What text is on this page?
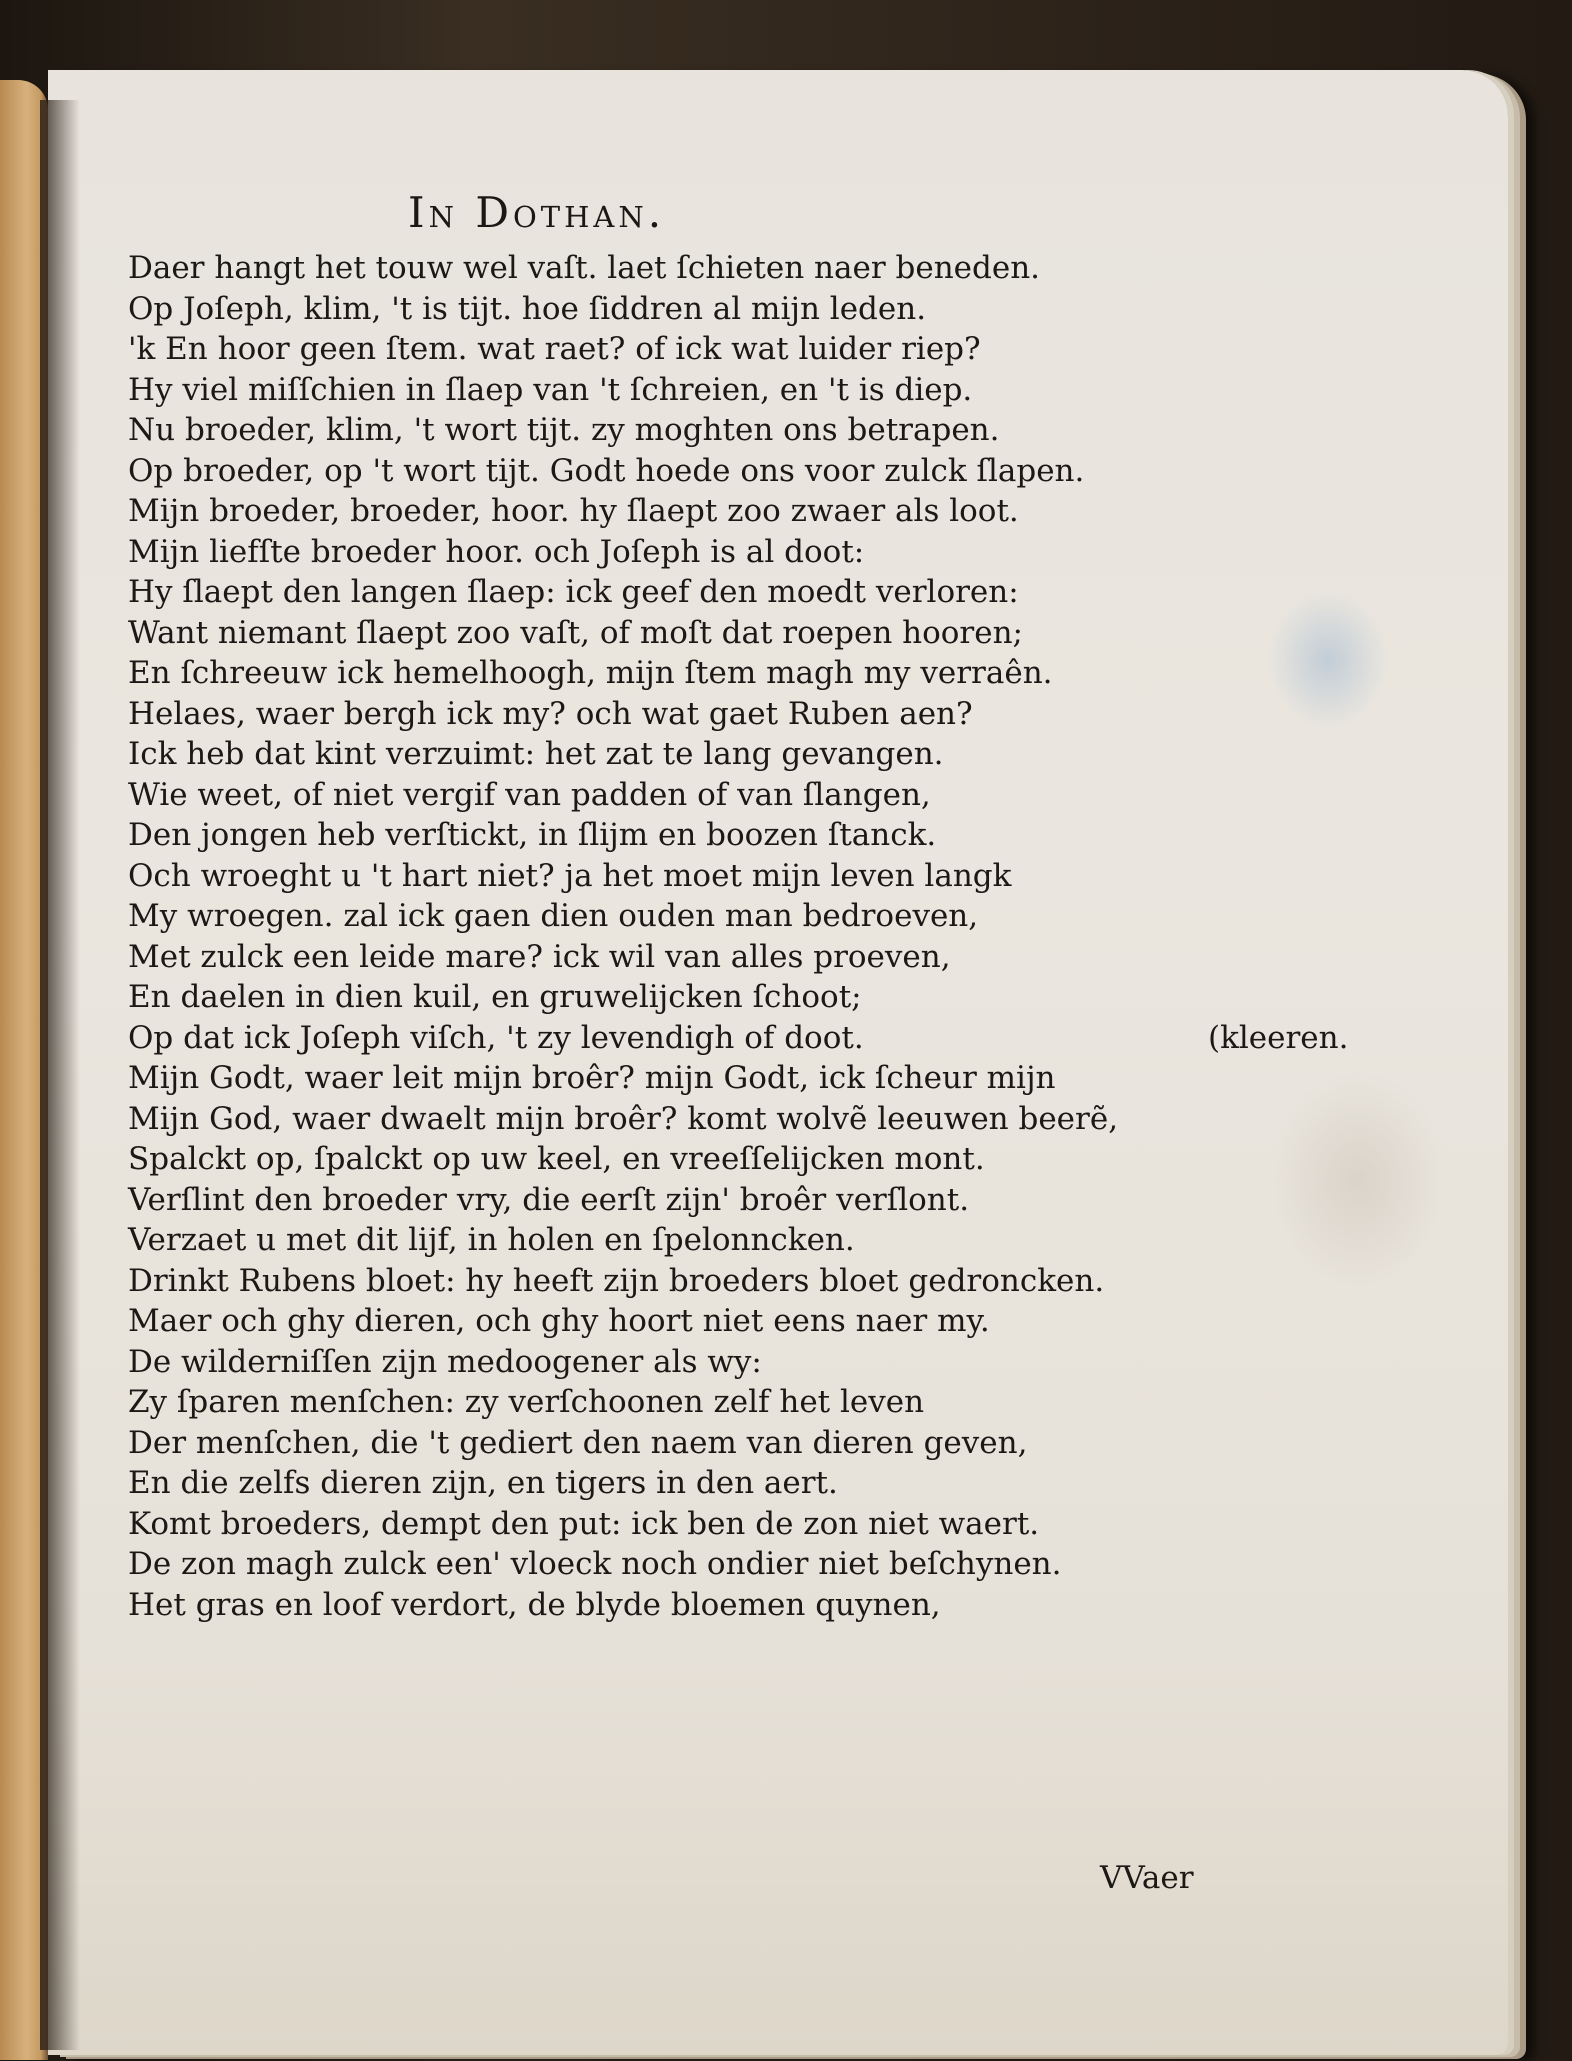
In Dothan.
Daer hangt het touw wel vaſt. laet ſchieten naer beneden.
Op Joſeph, klim, 't is tijt. hoe ſiddren al mijn leden.
'k En hoor geen ſtem. wat raet? of ick wat luider riep?
Hy viel miſſchien in ſlaep van 't ſchreien, en 't is diep.
Nu broeder, klim, 't wort tijt. zy moghten ons betrapen.
Op broeder, op 't wort tijt. Godt hoede ons voor zulck ſlapen.
Mijn broeder, broeder, hoor. hy ſlaept zoo zwaer als loot.
Mijn liefſte broeder hoor. och Joſeph is al doot:
Hy ſlaept den langen ſlaep: ick geef den moedt verloren:
Want niemant ſlaept zoo vaſt, of moſt dat roepen hooren;
En ſchreeuw ick hemelhoogh, mijn ſtem magh my verraên.
Helaes, waer bergh ick my? och wat gaet Ruben aen?
Ick heb dat kint verzuimt: het zat te lang gevangen.
Wie weet, of niet vergif van padden of van ſlangen,
Den jongen heb verſtickt, in ſlijm en boozen ſtanck.
Och wroeght u 't hart niet? ja het moet mijn leven langk
My wroegen. zal ick gaen dien ouden man bedroeven,
Met zulck een leide mare? ick wil van alles proeven,
En daelen in dien kuil, en gruwelijcken ſchoot;
Op dat ick Joſeph viſch, 't zy levendigh of doot.	(kleeren.
Mijn Godt, waer leit mijn broêr? mijn Godt, ick ſcheur mijn
Mijn God, waer dwaelt mijn broêr? komt wolvẽ leeuwen beerẽ,
Spalckt op, ſpalckt op uw keel, en vreeſſelijcken mont.
Verſlint den broeder vry, die eerſt zijn' broêr verſlont.
Verzaet u met dit lijf, in holen en ſpelonncken.
Drinkt Rubens bloet: hy heeft zijn broeders bloet gedroncken.
Maer och ghy dieren, och ghy hoort niet eens naer my.
De wilderniſſen zijn medoogener als wy:
Zy ſparen menſchen: zy verſchoonen zelf het leven
Der menſchen, die 't gediert den naem van dieren geven,
En die zelfs dieren zijn, en tigers in den aert.
Komt broeders, dempt den put: ick ben de zon niet waert.
De zon magh zulck een' vloeck noch ondier niet beſchynen.
Het gras en loof verdort, de blyde bloemen quynen,
VVaer
